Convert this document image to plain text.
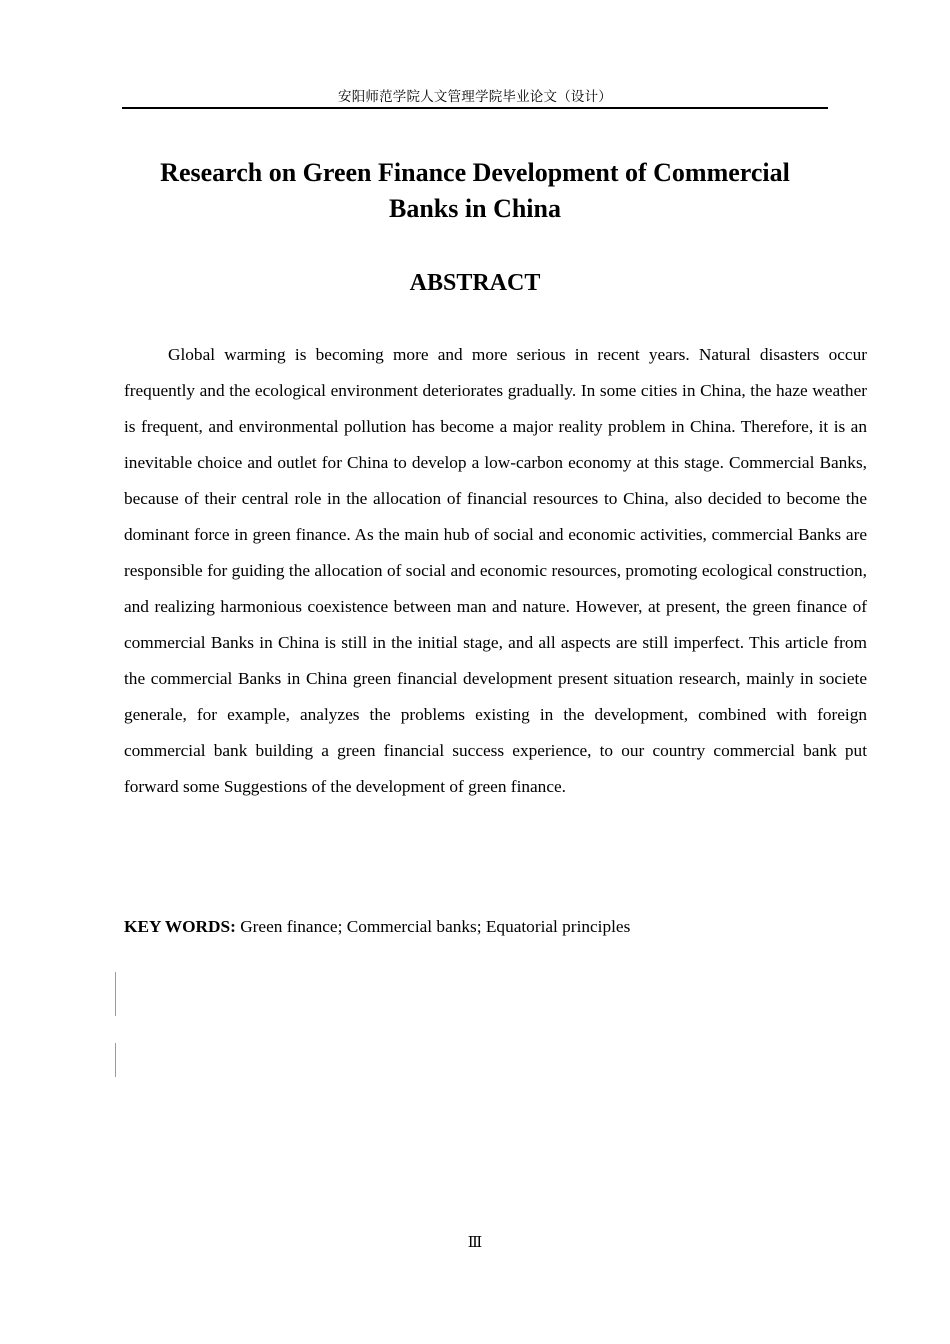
安阳师范学院人文管理学院毕业论文（设计）
Research on Green Finance Development of Commercial Banks in China
ABSTRACT

Global warming is becoming more and more serious in recent years. Natural disasters occur frequently and the ecological environment deteriorates gradually. In some cities in China, the haze weather is frequent, and environmental pollution has become a major reality problem in China. Therefore, it is an inevitable choice and outlet for China to develop a low-carbon economy at this stage. Commercial Banks, because of their central role in the allocation of financial resources to China, also decided to become the dominant force in green finance. As the main hub of social and economic activities, commercial Banks are responsible for guiding the allocation of social and economic resources, promoting ecological construction, and realizing harmonious coexistence between man and nature. However, at present, the green finance of commercial Banks in China is still in the initial stage, and all aspects are still imperfect. This article from the commercial Banks in China green financial development present situation research, mainly in societe generale, for example, analyzes the problems existing in the development, combined with foreign commercial bank building a green financial success experience, to our country commercial bank put forward some Suggestions of the development of green finance.

KEY WORDS: Green finance; Commercial banks; Equatorial principles

Ⅲ
